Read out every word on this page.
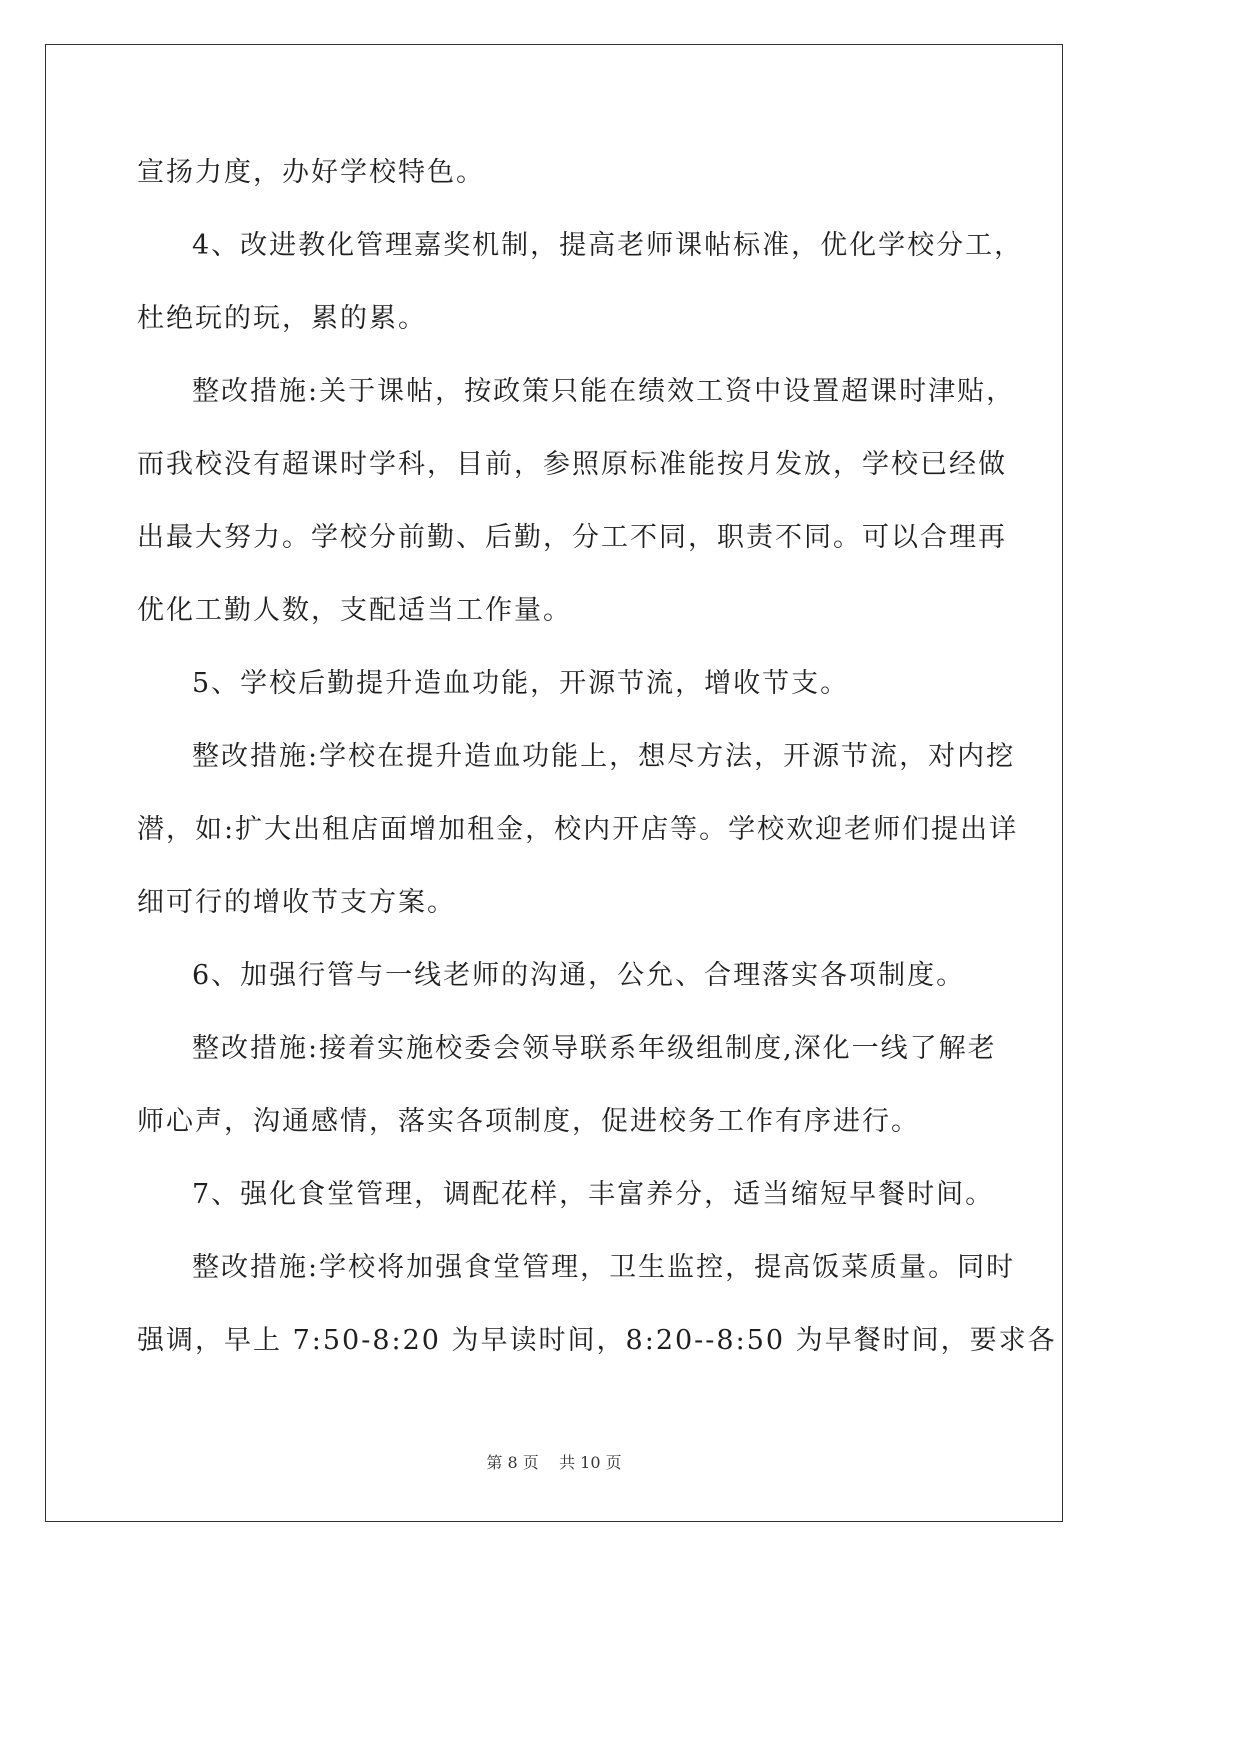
宣扬力度，办好学校特色。
4、改进教化管理嘉奖机制，提高老师课帖标准，优化学校分工，
杜绝玩的玩，累的累。
整改措施:关于课帖，按政策只能在绩效工资中设置超课时津贴，
而我校没有超课时学科，目前，参照原标准能按月发放，学校已经做
出最大努力。学校分前勤、后勤，分工不同，职责不同。可以合理再
优化工勤人数，支配适当工作量。
5、学校后勤提升造血功能，开源节流，增收节支。
整改措施:学校在提升造血功能上，想尽方法，开源节流，对内挖
潜，如:扩大出租店面增加租金，校内开店等。学校欢迎老师们提出详
细可行的增收节支方案。
6、加强行管与一线老师的沟通，公允、合理落实各项制度。
整改措施:接着实施校委会领导联系年级组制度,深化一线了解老
师心声，沟通感情，落实各项制度，促进校务工作有序进行。
7、强化食堂管理，调配花样，丰富养分，适当缩短早餐时间。
整改措施:学校将加强食堂管理，卫生监控，提高饭菜质量。同时
强调，早上 7:50-8:20 为早读时间，8:20--8:50 为早餐时间，要求各
第 8 页    共 10 页
